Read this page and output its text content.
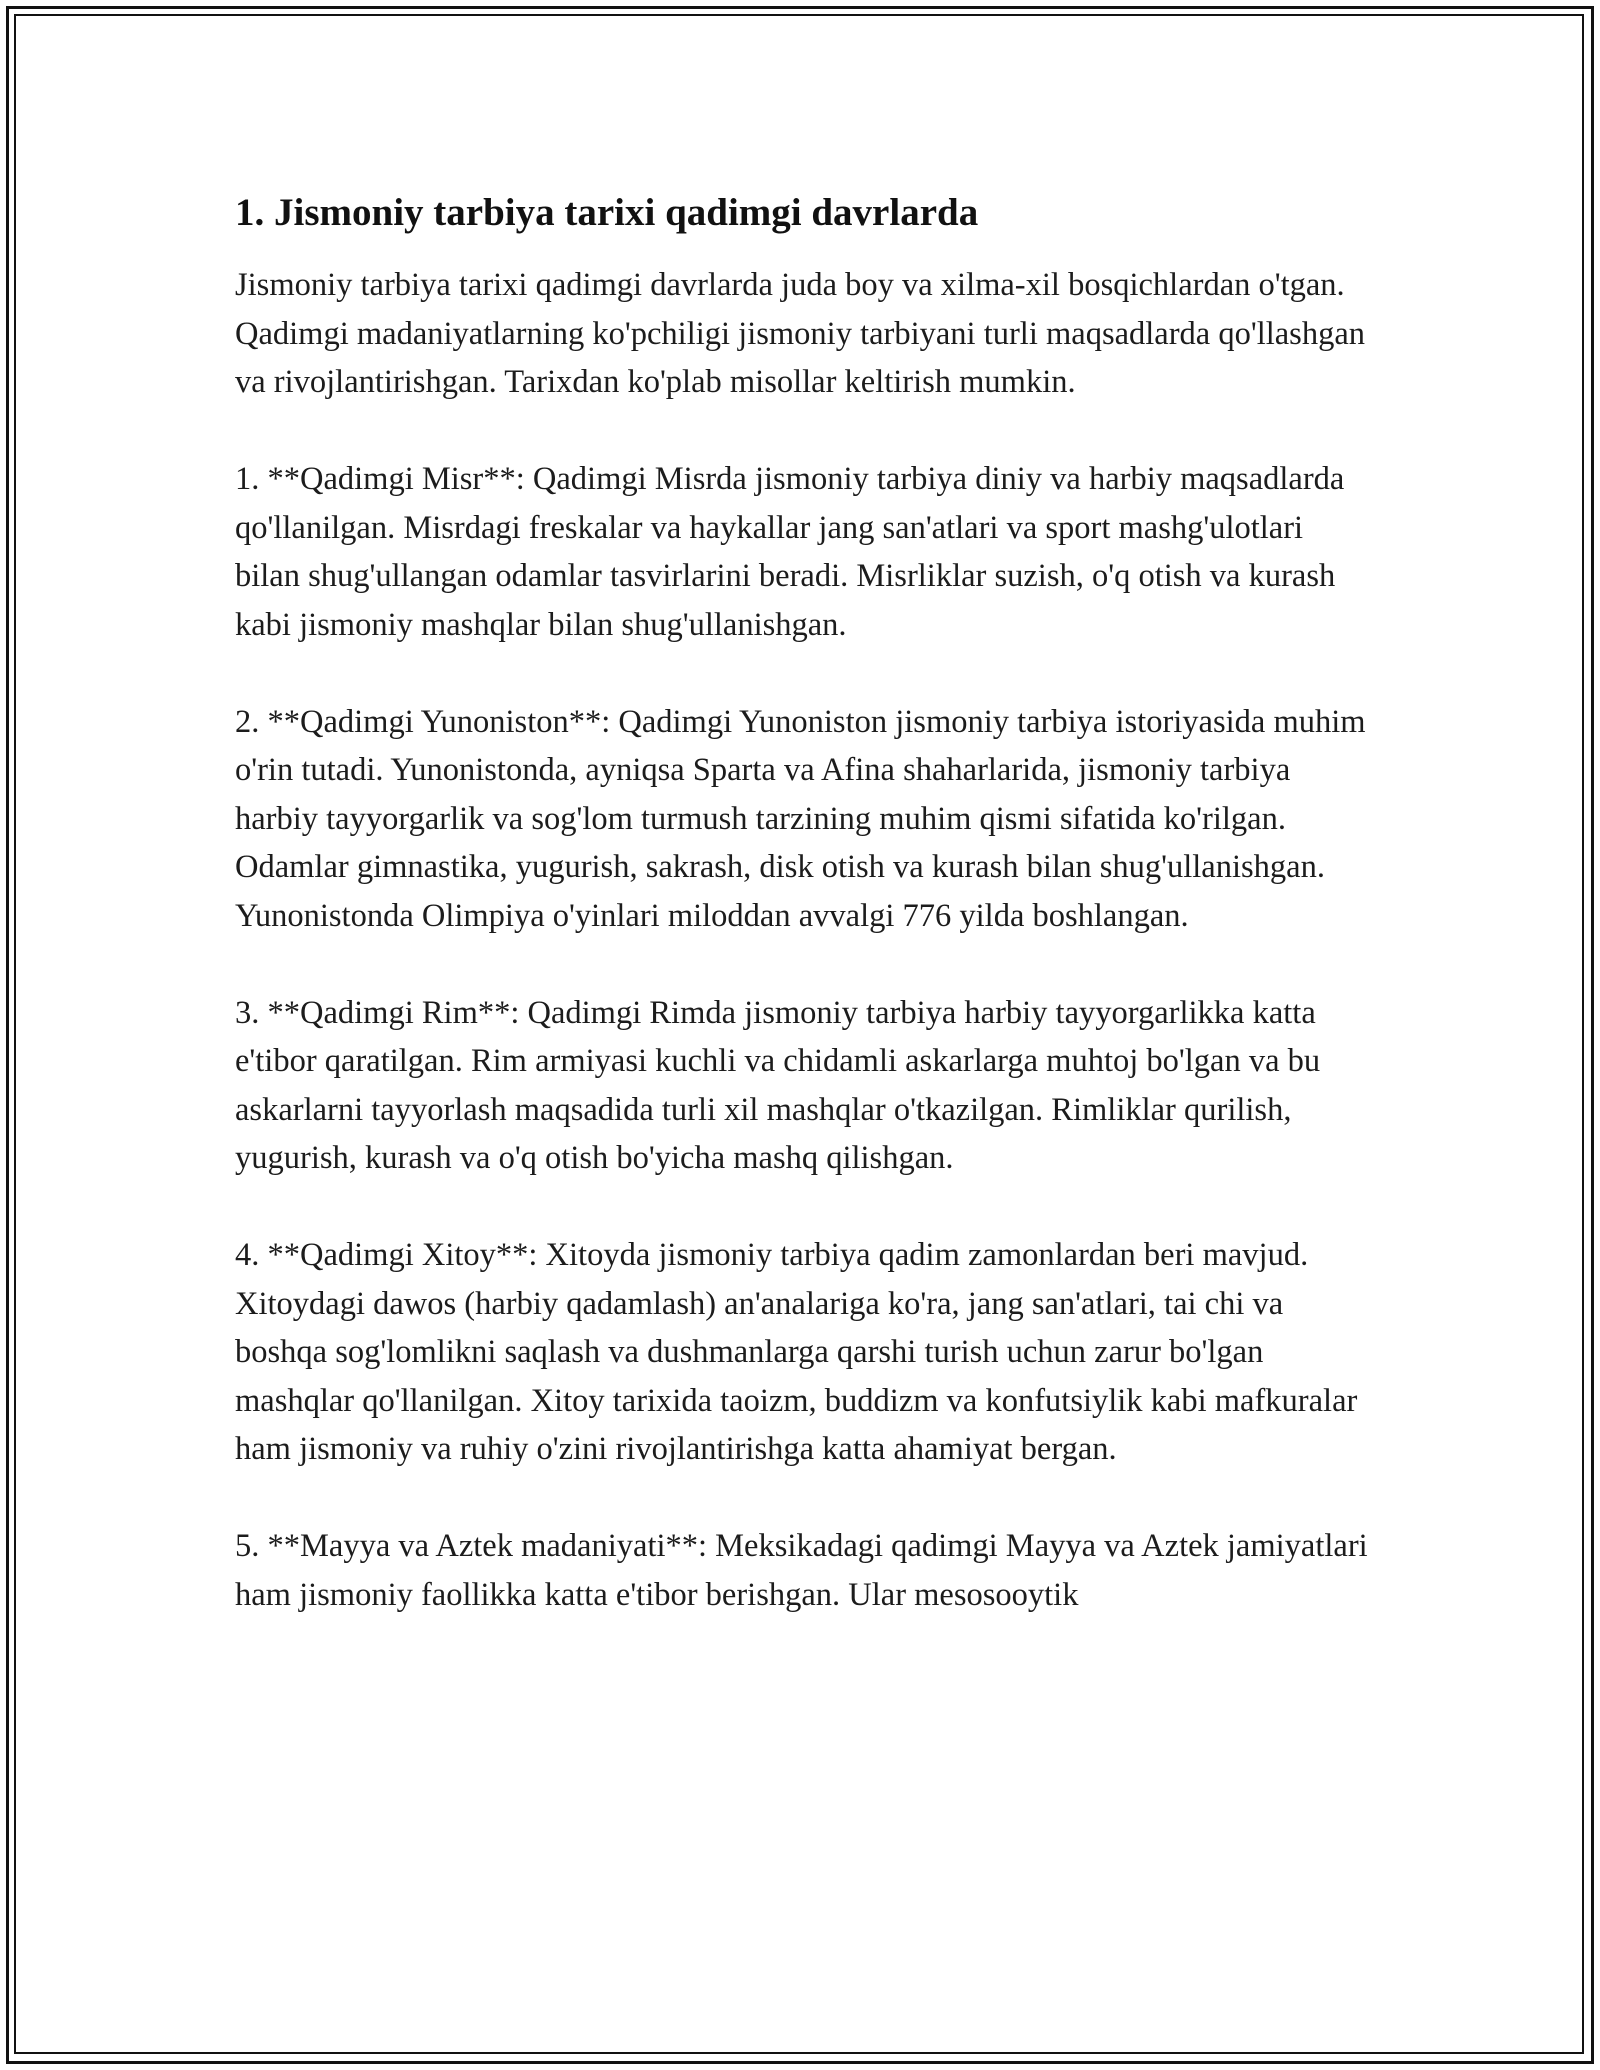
1. Jismoniy tarbiya tarixi qadimgi davrlarda

Jismoniy tarbiya tarixi qadimgi davrlarda juda boy va xilma-xil bosqichlardan o'tgan. Qadimgi madaniyatlarning ko'pchiligi jismoniy tarbiyani turli maqsadlarda qo'llashgan va rivojlantirishgan. Tarixdan ko'plab misollar keltirish mumkin.

1. **Qadimgi Misr**: Qadimgi Misrda jismoniy tarbiya diniy va harbiy maqsadlarda qo'llanilgan. Misrdagi freskalar va haykallar jang san'atlari va sport mashg'ulotlari bilan shug'ullangan odamlar tasvirlarini beradi. Misrliklar suzish, o'q otish va kurash kabi jismoniy mashqlar bilan shug'ullanishgan.

2. **Qadimgi Yunoniston**: Qadimgi Yunoniston jismoniy tarbiya istoriyasida muhim o'rin tutadi. Yunonistonda, ayniqsa Sparta va Afina shaharlarida, jismoniy tarbiya harbiy tayyorgarlik va sog'lom turmush tarzining muhim qismi sifatida ko'rilgan. Odamlar gimnastika, yugurish, sakrash, disk otish va kurash bilan shug'ullanishgan. Yunonistonda Olimpiya o'yinlari miloddan avvalgi 776 yilda boshlangan.

3. **Qadimgi Rim**: Qadimgi Rimda jismoniy tarbiya harbiy tayyorgarlikka katta e'tibor qaratilgan. Rim armiyasi kuchli va chidamli askarlarga muhtoj bo'lgan va bu askarlarni tayyorlash maqsadida turli xil mashqlar o'tkazilgan. Rimliklar qurilish, yugurish, kurash va o'q otish bo'yicha mashq qilishgan.

4. **Qadimgi Xitoy**: Xitoyda jismoniy tarbiya qadim zamonlardan beri mavjud. Xitoydagi dawos (harbiy qadamlash) an'analariga ko'ra, jang san'atlari, tai chi va boshqa sog'lomlikni saqlash va dushmanlarga qarshi turish uchun zarur bo'lgan mashqlar qo'llanilgan. Xitoy tarixida taoizm, buddizm va konfutsiylik kabi mafkuralar ham jismoniy va ruhiy o'zini rivojlantirishga katta ahamiyat bergan.

5. **Mayya va Aztek madaniyati**: Meksikadagi qadimgi Mayya va Aztek jamiyatlari ham jismoniy faollikka katta e'tibor berishgan. Ular mesosooytik
